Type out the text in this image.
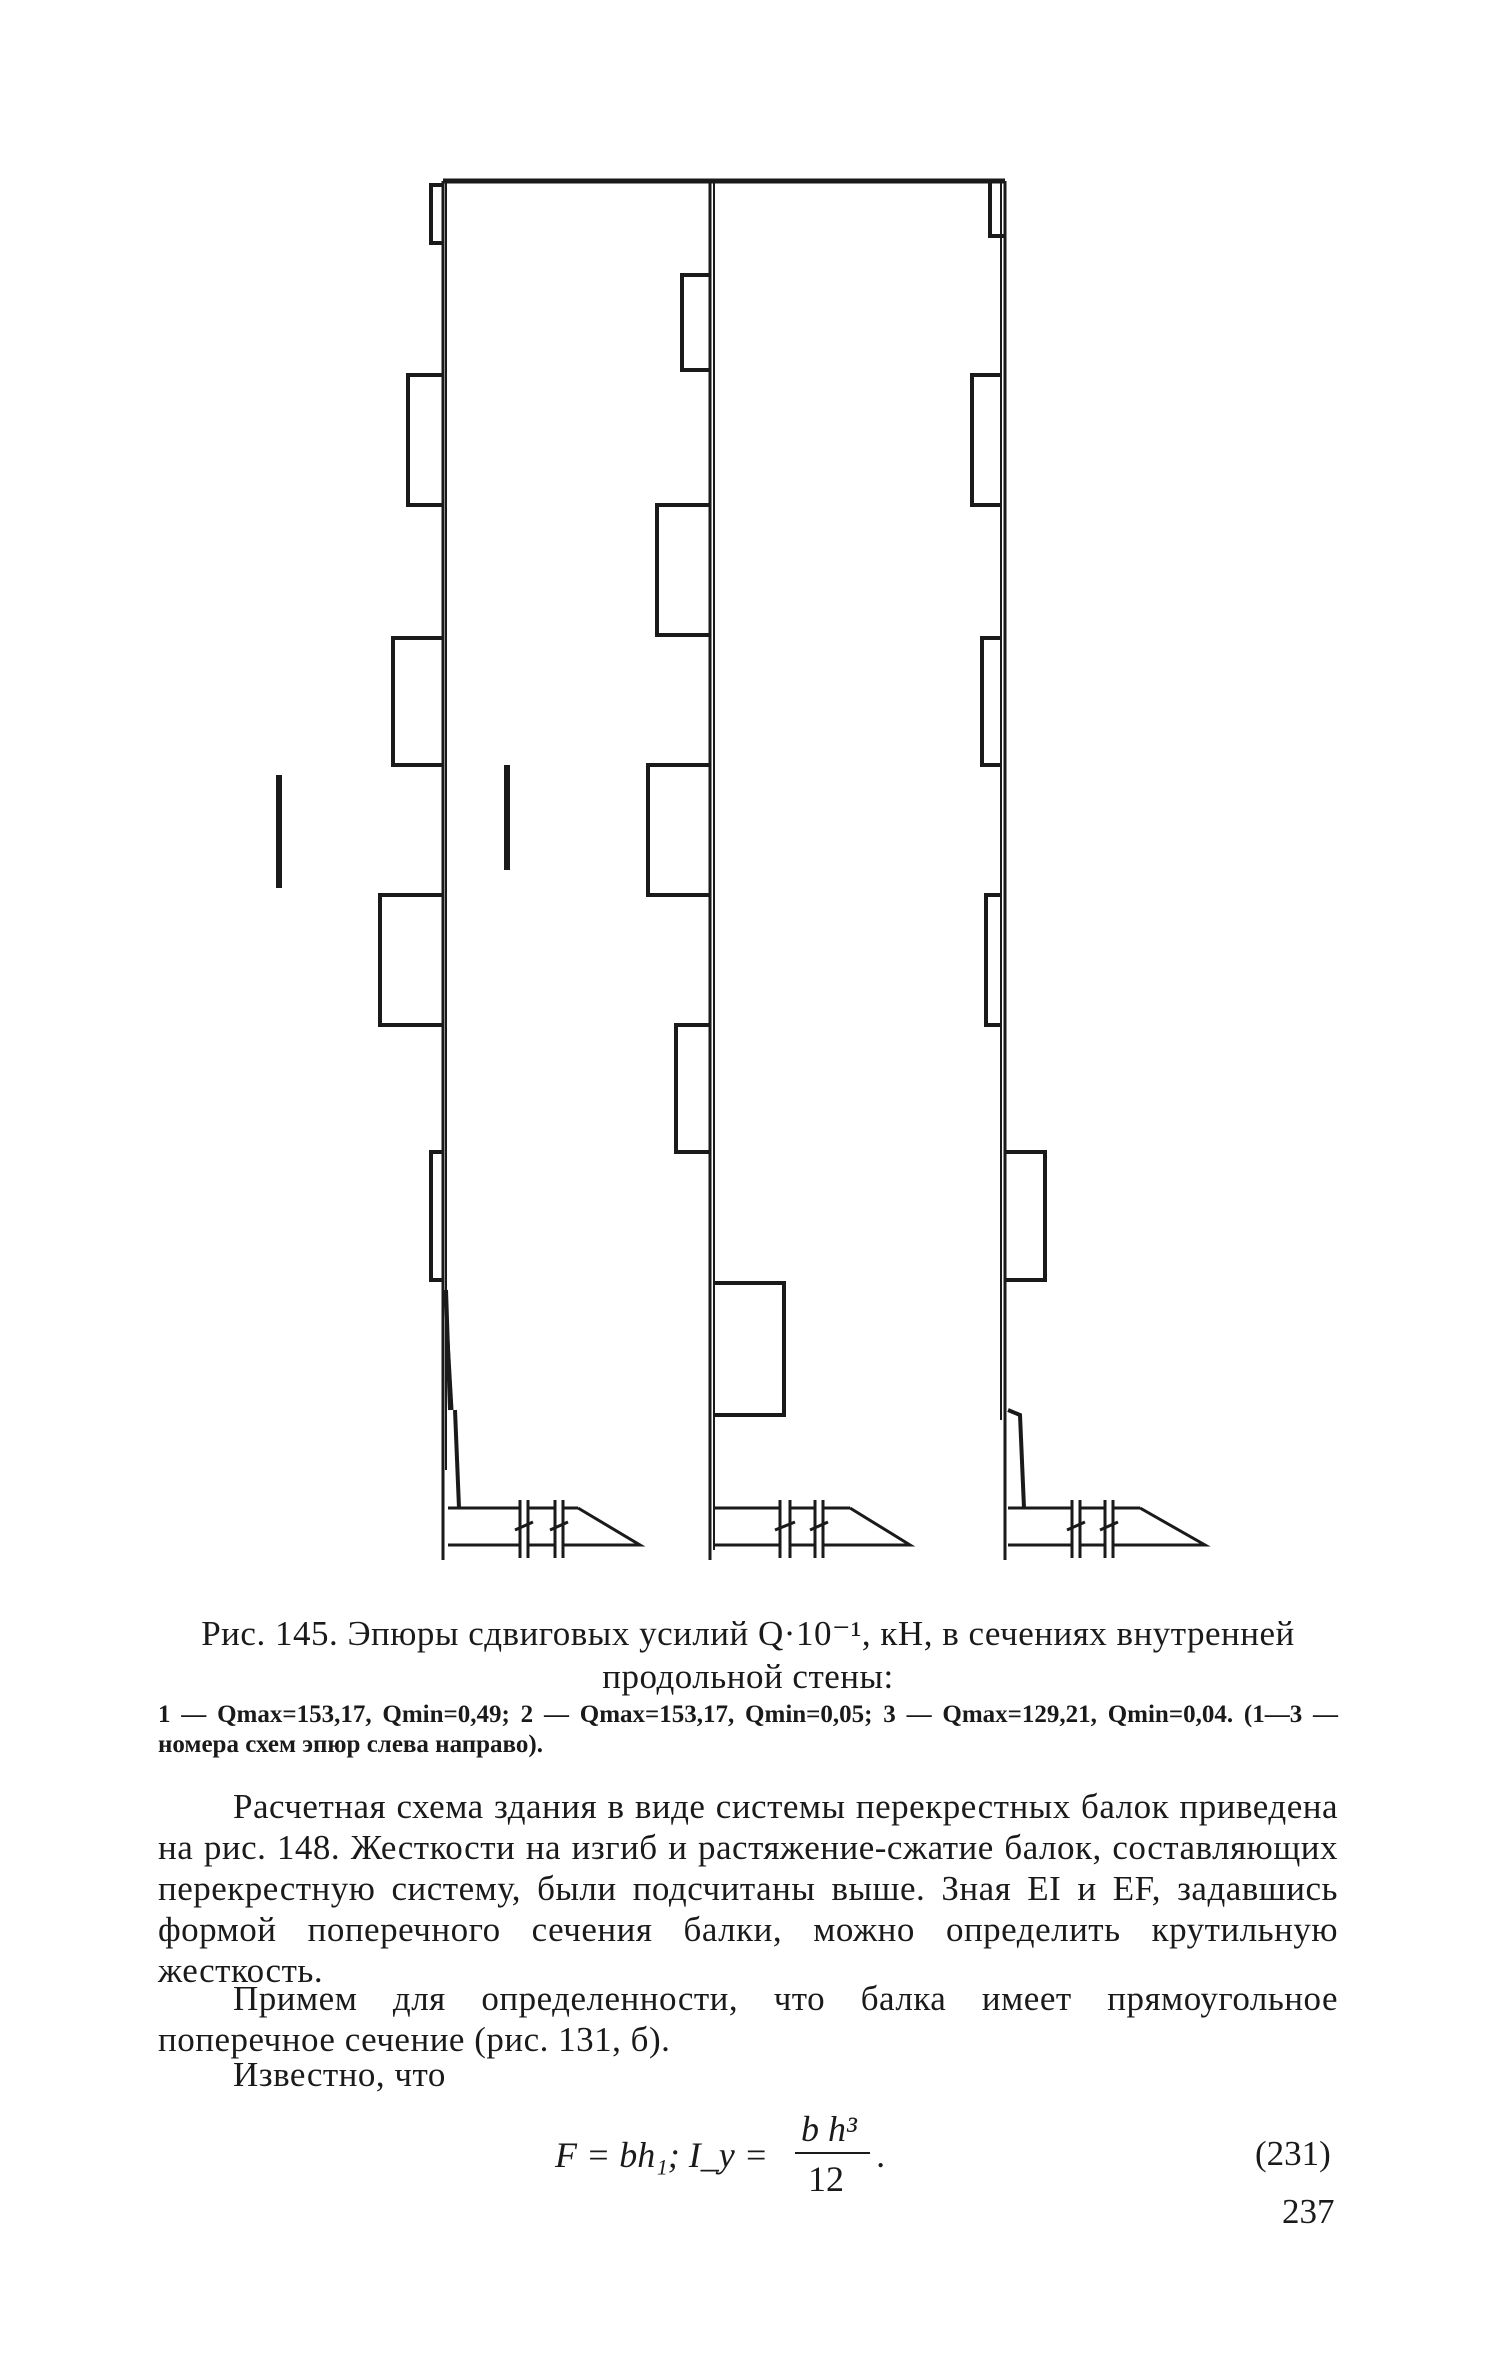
Рис. 145. Эпюры сдвиговых усилий Q·10⁻¹, кН, в сечениях внутренней продольной стены:
1 — Qmax=153,17, Qmin=0,49; 2 — Qmax=153,17, Qmin=0,05; 3 — Qmax=129,21, Qmin=0,04. (1—3 — номера схем эпюр слева направо).
Расчетная схема здания в виде системы перекрестных балок приведена на рис. 148. Жесткости на изгиб и растяжение-сжатие балок, составляющих перекрестную систему, были подсчитаны выше. Зная EI и EF, задавшись формой поперечного сечения балки, можно определить крутильную жесткость.
Примем для определенности, что балка имеет прямоугольное поперечное сечение (рис. 131, б).
Известно, что
F = bh₁; I_y =
b h³
12
.	(231)
237
